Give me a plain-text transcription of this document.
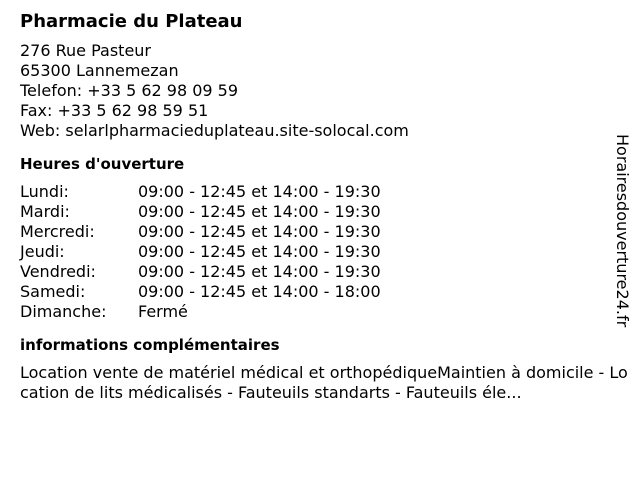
Pharmacie du Plateau
276 Rue Pasteur
65300 Lannemezan
Telefon: +33 5 62 98 09 59
Fax: +33 5 62 98 59 51
Web: selarlpharmacieduplateau.site-solocal.com
Heures d'ouverture
Lundi:	09:00 - 12:45 et 14:00 - 19:30
Mardi:	09:00 - 12:45 et 14:00 - 19:30
Mercredi:	09:00 - 12:45 et 14:00 - 19:30
Jeudi:	09:00 - 12:45 et 14:00 - 19:30
Vendredi:	09:00 - 12:45 et 14:00 - 19:30
Samedi:	09:00 - 12:45 et 14:00 - 18:00
Dimanche:	Fermé
informations complémentaires
Location vente de matériel médical et orthopédiqueMaintien à domicile - Location de lits médicalisés - Fauteuils standarts - Fauteuils éle...
Horairesdouverture24.fr
